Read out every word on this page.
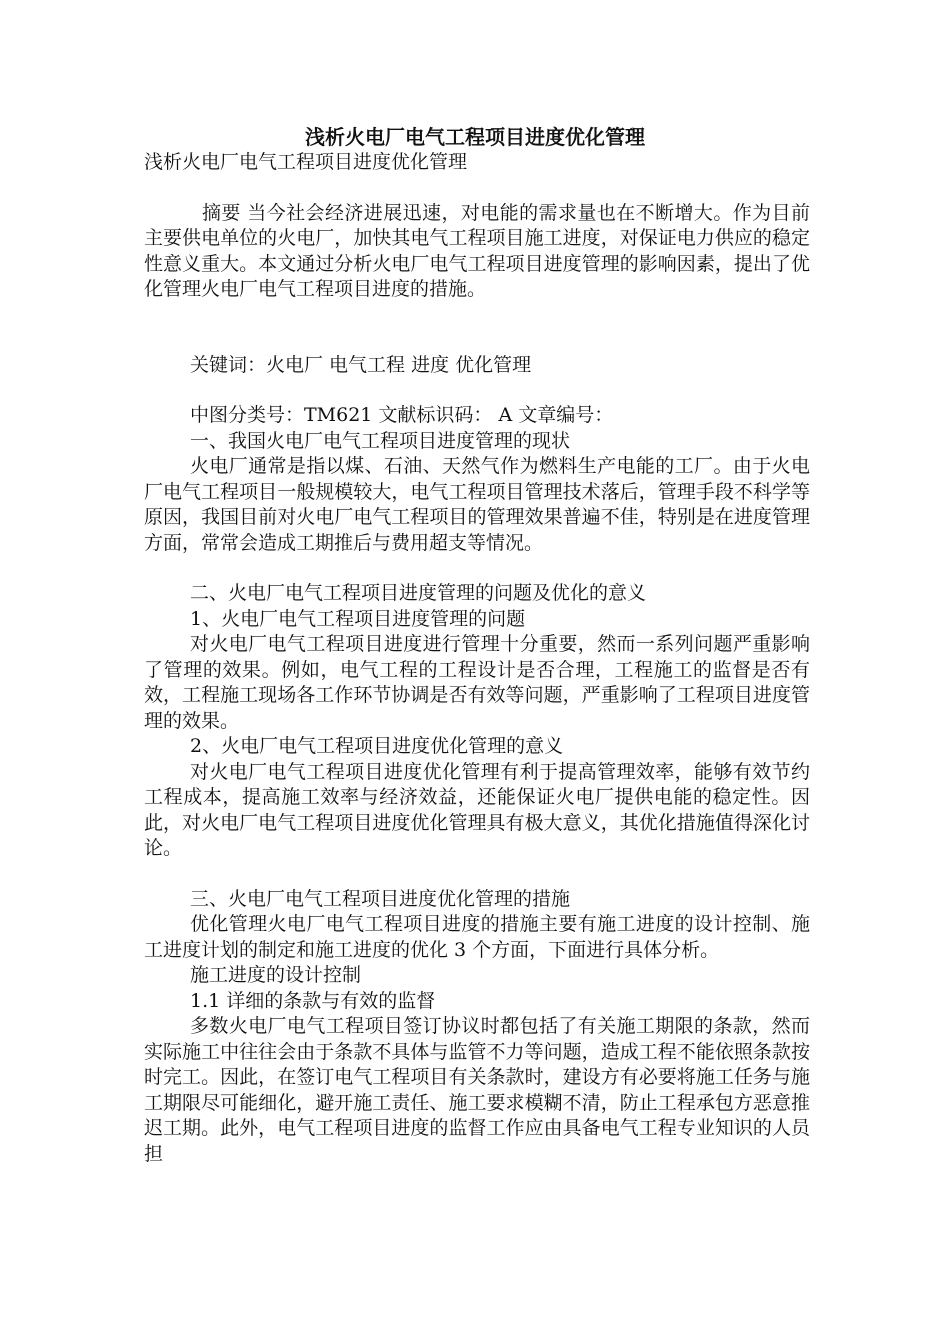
浅析火电厂电气工程项目进度优化管理

浅析火电厂电气工程项目进度优化管理

摘要 当今社会经济进展迅速，对电能的需求量也在不断增大。作为目前主要供电单位的火电厂，加快其电气工程项目施工进度，对保证电力供应的稳定性意义重大。本文通过分析火电厂电气工程项目进度管理的影响因素，提出了优化管理火电厂电气工程项目进度的措施。

关键词：火电厂 电气工程 进度 优化管理

中图分类号：TM621 文献标识码： A 文章编号：

一、我国火电厂电气工程项目进度管理的现状

火电厂通常是指以煤、石油、天然气作为燃料生产电能的工厂。由于火电厂电气工程项目一般规模较大，电气工程项目管理技术落后，管理手段不科学等原因，我国目前对火电厂电气工程项目的管理效果普遍不佳，特别是在进度管理方面，常常会造成工期推后与费用超支等情况。

二、火电厂电气工程项目进度管理的问题及优化的意义

1、火电厂电气工程项目进度管理的问题

对火电厂电气工程项目进度进行管理十分重要，然而一系列问题严重影响了管理的效果。例如，电气工程的工程设计是否合理，工程施工的监督是否有效，工程施工现场各工作环节协调是否有效等问题，严重影响了工程项目进度管理的效果。

2、火电厂电气工程项目进度优化管理的意义

对火电厂电气工程项目进度优化管理有利于提高管理效率，能够有效节约工程成本，提高施工效率与经济效益，还能保证火电厂提供电能的稳定性。因此，对火电厂电气工程项目进度优化管理具有极大意义，其优化措施值得深化讨论。

三、火电厂电气工程项目进度优化管理的措施

优化管理火电厂电气工程项目进度的措施主要有施工进度的设计控制、施工进度计划的制定和施工进度的优化 3 个方面，下面进行具体分析。

施工进度的设计控制

1.1 详细的条款与有效的监督

多数火电厂电气工程项目签订协议时都包括了有关施工期限的条款，然而实际施工中往往会由于条款不具体与监管不力等问题，造成工程不能依照条款按时完工。因此，在签订电气工程项目有关条款时，建设方有必要将施工任务与施工期限尽可能细化，避开施工责任、施工要求模糊不清，防止工程承包方恶意推迟工期。此外，电气工程项目进度的监督工作应由具备电气工程专业知识的人员担
